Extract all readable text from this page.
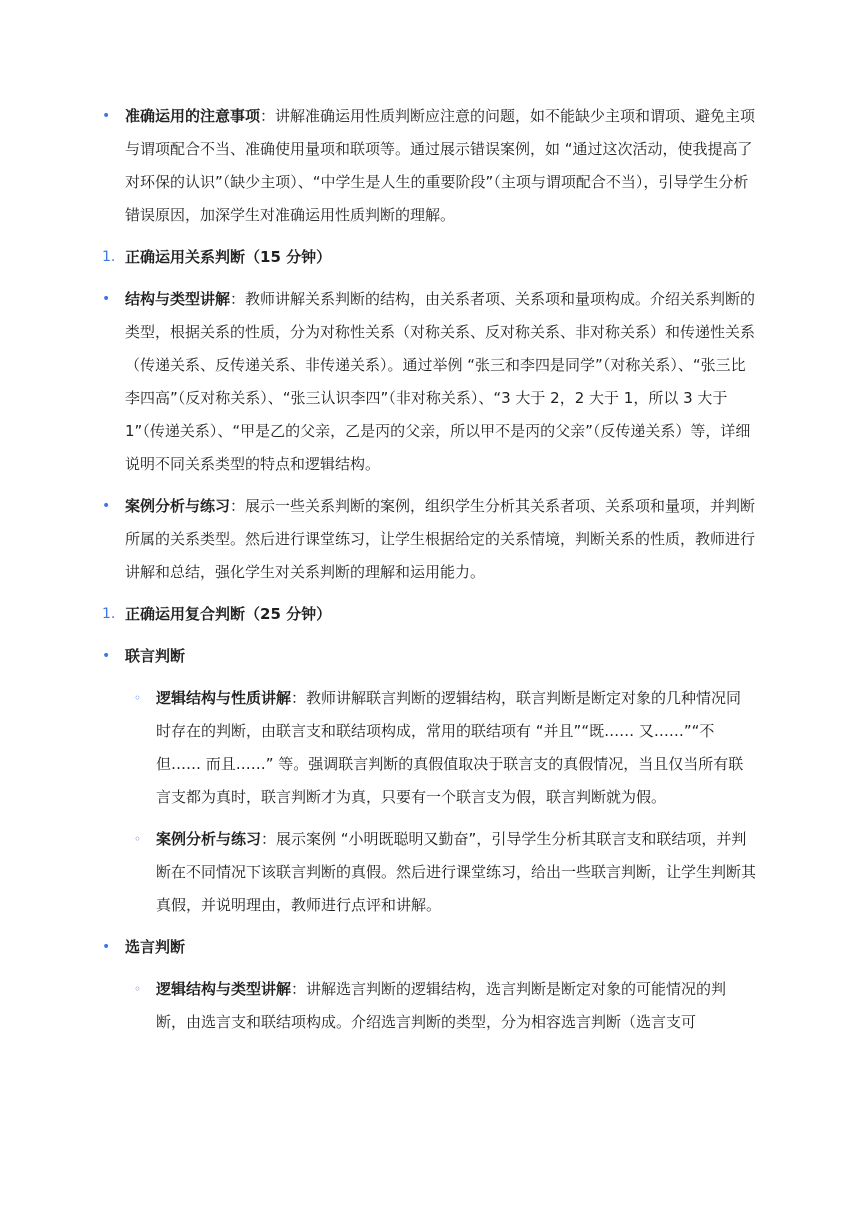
• 准确运用的注意事项：讲解准确运用性质判断应注意的问题，如不能缺少主项和谓项、避免主项与谓项配合不当、准确使用量项和联项等。通过展示错误案例，如 “通过这次活动，使我提高了对环保的认识”（缺少主项）、“中学生是人生的重要阶段”（主项与谓项配合不当），引导学生分析错误原因，加深学生对准确运用性质判断的理解。
1. 正确运用关系判断（15 分钟）
• 结构与类型讲解：教师讲解关系判断的结构，由关系者项、关系项和量项构成。介绍关系判断的类型，根据关系的性质，分为对称性关系（对称关系、反对称关系、非对称关系）和传递性关系（传递关系、反传递关系、非传递关系）。通过举例 “张三和李四是同学”（对称关系）、“张三比李四高”（反对称关系）、“张三认识李四”（非对称关系）、“3 大于 2，2 大于 1，所以 3 大于 1”（传递关系）、“甲是乙的父亲，乙是丙的父亲，所以甲不是丙的父亲”（反传递关系）等，详细说明不同关系类型的特点和逻辑结构。
• 案例分析与练习：展示一些关系判断的案例，组织学生分析其关系者项、关系项和量项，并判断所属的关系类型。然后进行课堂练习，让学生根据给定的关系情境，判断关系的性质，教师进行讲解和总结，强化学生对关系判断的理解和运用能力。
1. 正确运用复合判断（25 分钟）
• 联言判断
◦ 逻辑结构与性质讲解：教师讲解联言判断的逻辑结构，联言判断是断定对象的几种情况同时存在的判断，由联言支和联结项构成，常用的联结项有 “并且”“既…… 又……”“不但…… 而且……” 等。强调联言判断的真假值取决于联言支的真假情况，当且仅当所有联言支都为真时，联言判断才为真，只要有一个联言支为假，联言判断就为假。
◦ 案例分析与练习：展示案例 “小明既聪明又勤奋”，引导学生分析其联言支和联结项，并判断在不同情况下该联言判断的真假。然后进行课堂练习，给出一些联言判断，让学生判断其真假，并说明理由，教师进行点评和讲解。
• 选言判断
◦ 逻辑结构与类型讲解：讲解选言判断的逻辑结构，选言判断是断定对象的可能情况的判断，由选言支和联结项构成。介绍选言判断的类型，分为相容选言判断（选言支可
